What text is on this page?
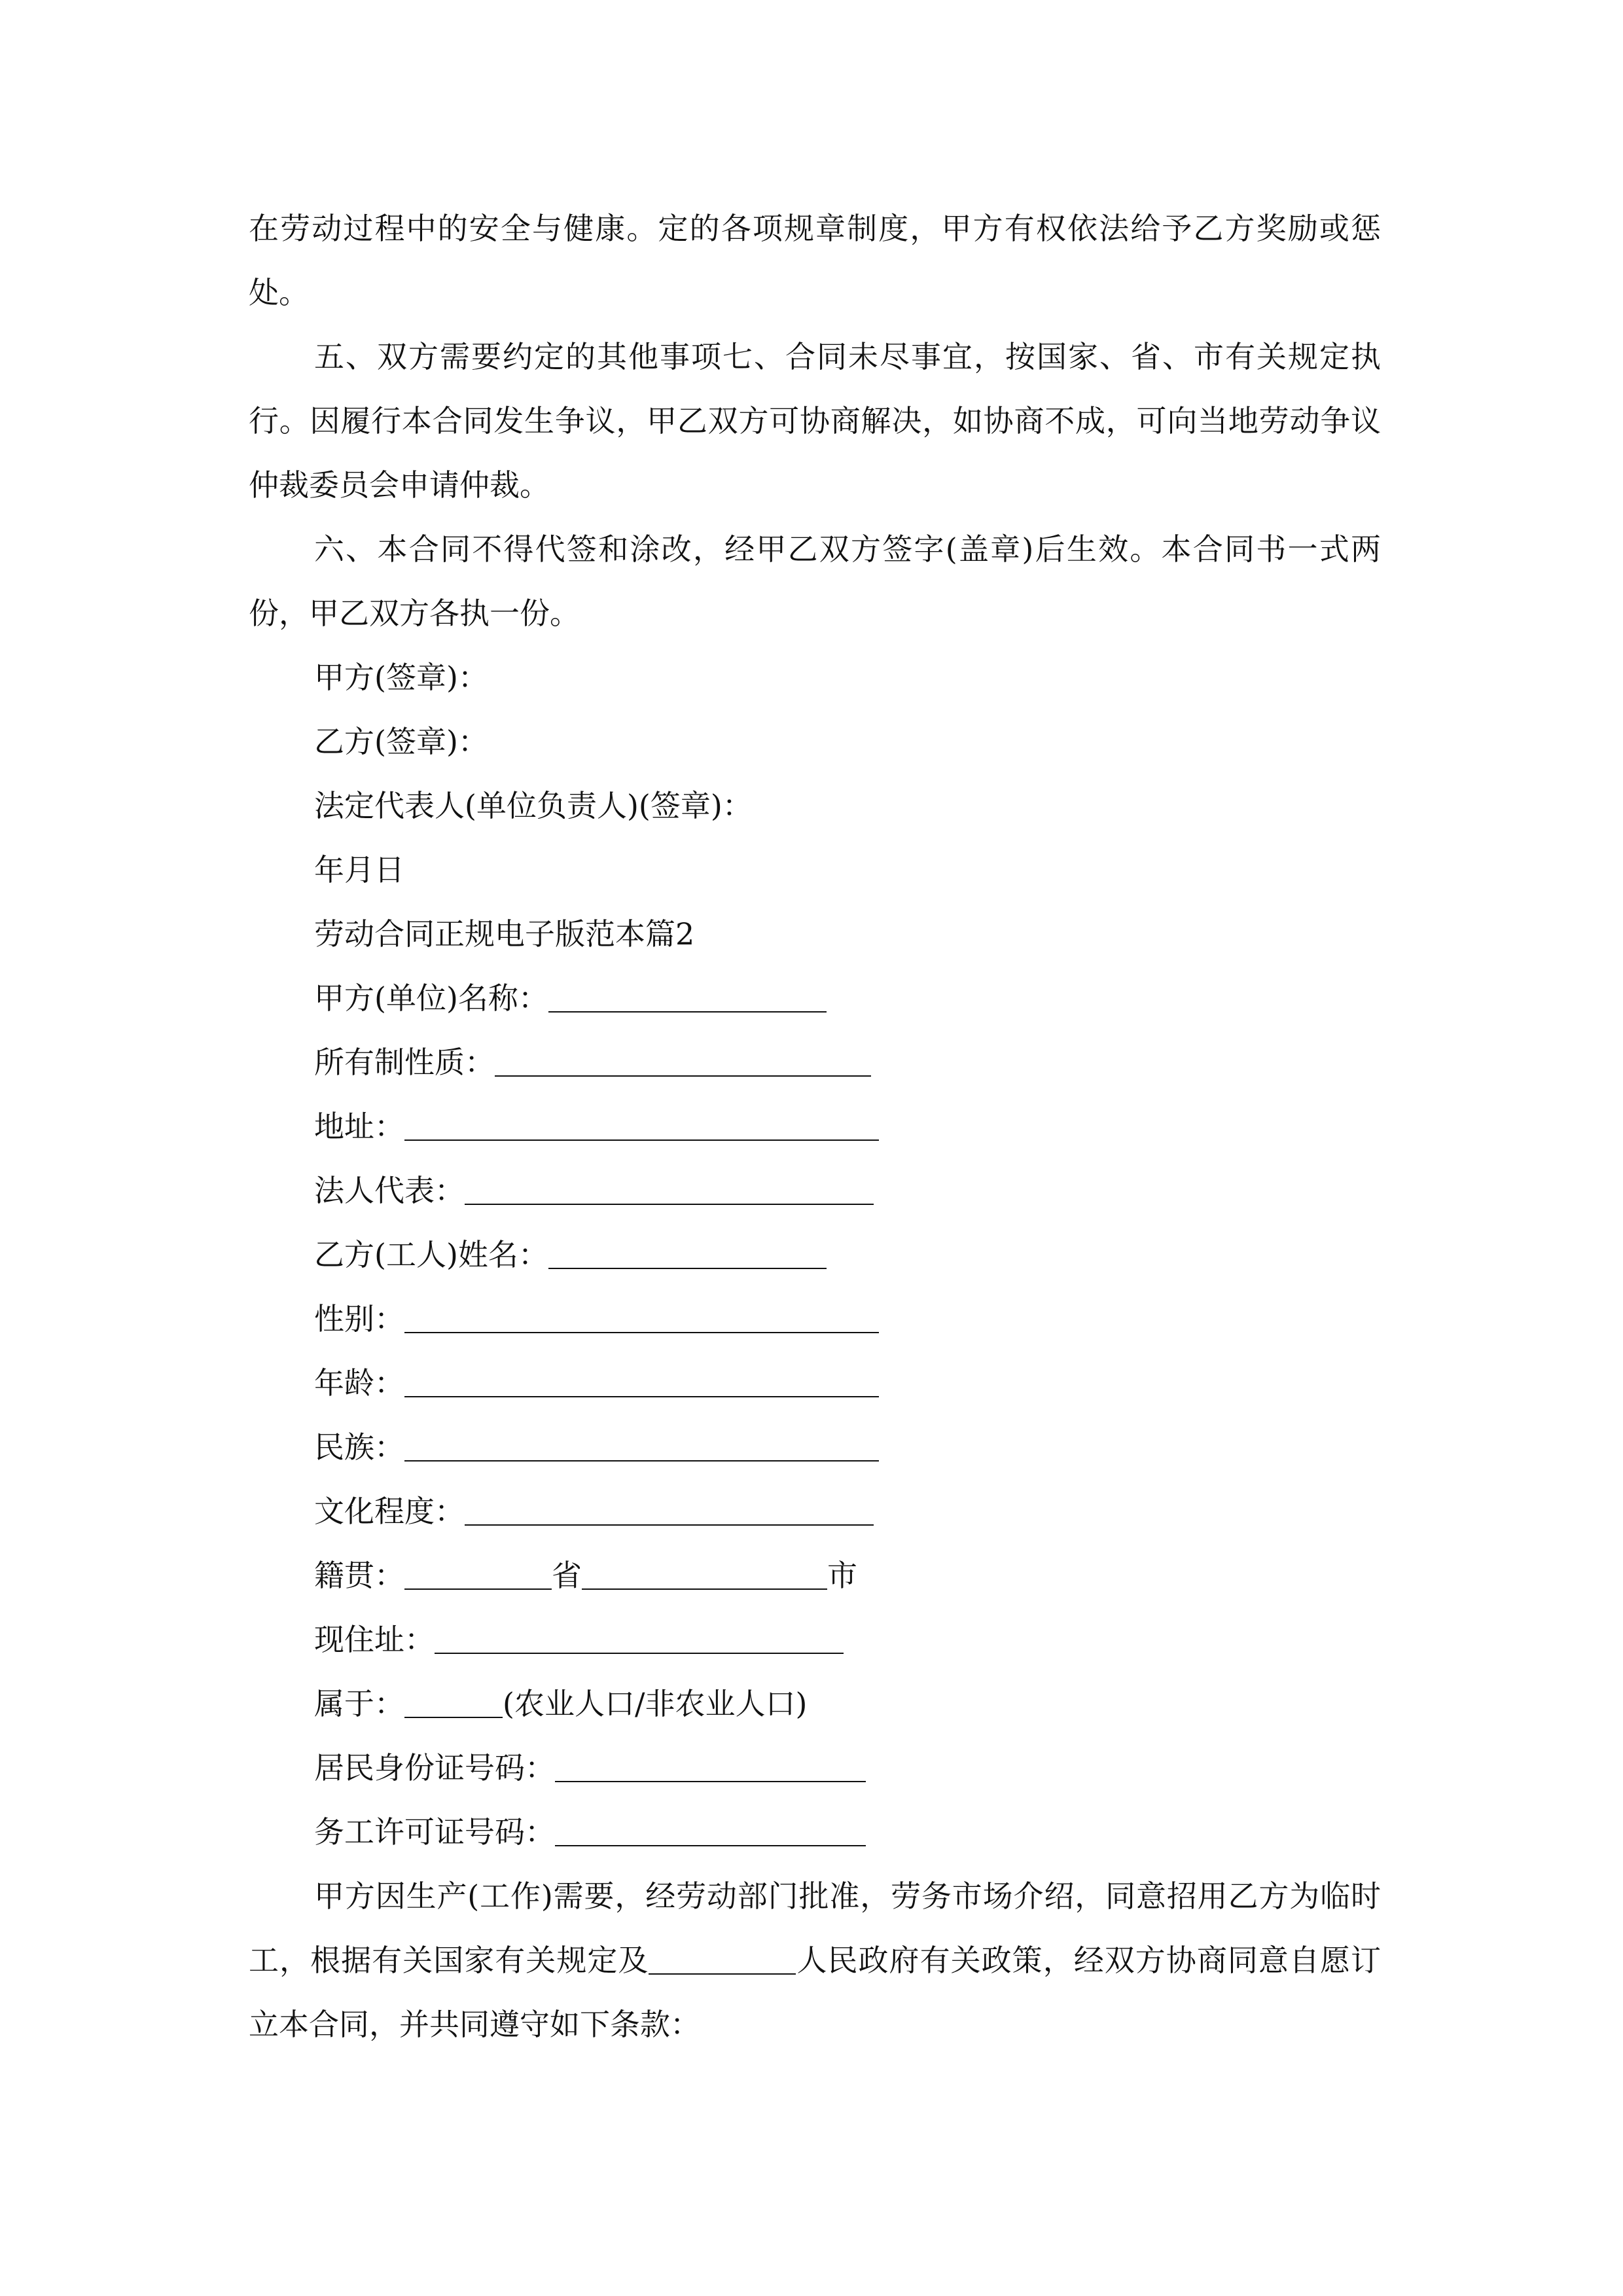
在劳动过程中的安全与健康。定的各项规章制度，甲方有权依法给予乙方奖励或惩处。

五、双方需要约定的其他事项七、合同未尽事宜，按国家、省、市有关规定执行。因履行本合同发生争议，甲乙双方可协商解决，如协商不成，可向当地劳动争议仲裁委员会申请仲裁。

六、本合同不得代签和涂改，经甲乙双方签字(盖章)后生效。本合同书一式两份，甲乙双方各执一份。

甲方(签章)：

乙方(签章)：

法定代表人(单位负责人)(签章)：

年月日

劳动合同正规电子版范本篇2

甲方(单位)名称：

所有制性质：

地址：

法人代表：

乙方(工人)姓名：

性别：

年龄：

民族：

文化程度：

籍贯：	省	市

现住址：

属于：	(农业人口/非农业人口)

居民身份证号码：

务工许可证号码：

甲方因生产(工作)需要，经劳动部门批准，劳务市场介绍，同意招用乙方为临时工，根据有关国家有关规定及	人民政府有关政策，经双方协商同意自愿订立本合同，并共同遵守如下条款：
